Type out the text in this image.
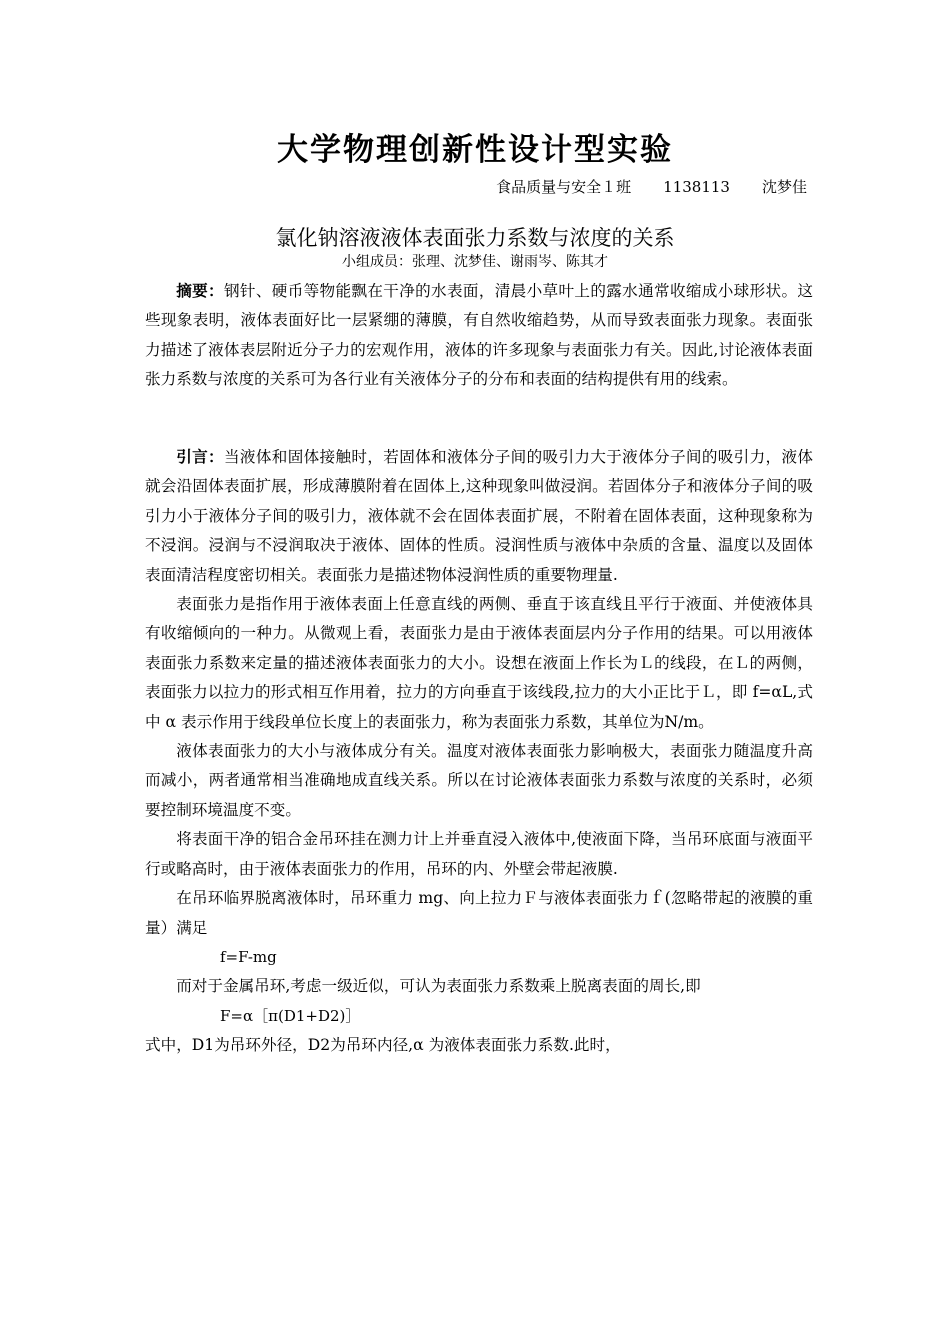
大学物理创新性设计型实验
食品质量与安全１班 1138113 沈梦佳
氯化钠溶液液体表面张力系数与浓度的关系
小组成员：张理、沈梦佳、谢雨岑、陈其才

摘要：钢针、硬币等物能飘在干净的水表面，清晨小草叶上的露水通常收缩成小球形状。这些现象表明，液体表面好比一层紧绷的薄膜，有自然收缩趋势，从而导致表面张力现象。表面张力描述了液体表层附近分子力的宏观作用，液体的许多现象与表面张力有关。因此,讨论液体表面张力系数与浓度的关系可为各行业有关液体分子的分布和表面的结构提供有用的线索。

引言：当液体和固体接触时，若固体和液体分子间的吸引力大于液体分子间的吸引力，液体就会沿固体表面扩展，形成薄膜附着在固体上,这种现象叫做浸润。若固体分子和液体分子间的吸引力小于液体分子间的吸引力，液体就不会在固体表面扩展，不附着在固体表面，这种现象称为不浸润。浸润与不浸润取决于液体、固体的性质。浸润性质与液体中杂质的含量、温度以及固体表面清洁程度密切相关。表面张力是描述物体浸润性质的重要物理量.

表面张力是指作用于液体表面上任意直线的两侧、垂直于该直线且平行于液面、并使液体具有收缩倾向的一种力。从微观上看，表面张力是由于液体表面层内分子作用的结果。可以用液体表面张力系数来定量的描述液体表面张力的大小。设想在液面上作长为Ｌ的线段，在Ｌ的两侧，表面张力以拉力的形式相互作用着，拉力的方向垂直于该线段,拉力的大小正比于Ｌ，即 f=αL,式中 α 表示作用于线段单位长度上的表面张力，称为表面张力系数，其单位为N/m。

液体表面张力的大小与液体成分有关。温度对液体表面张力影响极大，表面张力随温度升高而减小，两者通常相当准确地成直线关系。所以在讨论液体表面张力系数与浓度的关系时，必须要控制环境温度不变。

将表面干净的铝合金吊环挂在测力计上并垂直浸入液体中,使液面下降，当吊环底面与液面平行或略高时，由于液体表面张力的作用，吊环的内、外壁会带起液膜.

在吊环临界脱离液体时，吊环重力 mg、向上拉力Ｆ与液体表面张力ｆ(忽略带起的液膜的重量）满足

f=F-mg

而对于金属吊环,考虑一级近似，可认为表面张力系数乘上脱离表面的周长,即

F=α［π(D1+D2)］

式中，D1为吊环外径，D2为吊环内径,α 为液体表面张力系数.此时，
